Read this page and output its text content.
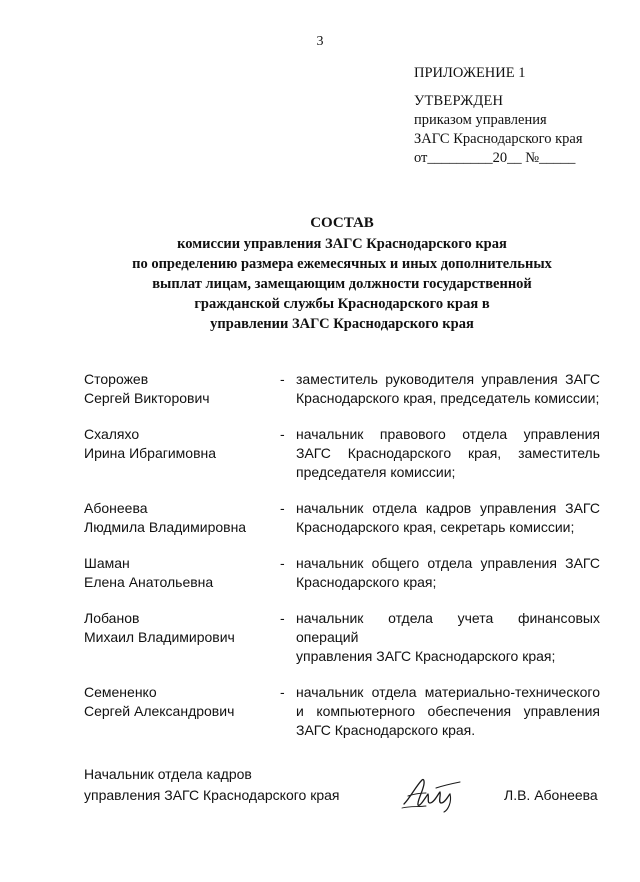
3
ПРИЛОЖЕНИЕ 1
УТВЕРЖДЕН
приказом управления
ЗАГС Краснодарского края
от_________20__ №_____
СОСТАВ
комиссии управления ЗАГС Краснодарского края
по определению размера ежемесячных и иных дополнительных
выплат лицам, замещающим должности государственной
гражданской службы Краснодарского края в
управлении ЗАГС Краснодарского края
Сторожев
Сергей Викторович
- заместитель руководителя управления ЗАГС
Краснодарского края, председатель комиссии;
Схаляхо
Ирина Ибрагимовна
- начальник правового отдела управления
ЗАГС Краснодарского края, заместитель
председателя комиссии;
Абонеева
Людмила Владимировна
- начальник отдела кадров управления ЗАГС
Краснодарского края, секретарь комиссии;
Шаман
Елена Анатольевна
- начальник общего отдела управления ЗАГС
Краснодарского края;
Лобанов
Михаил Владимирович
- начальник отдела учета финансовых операций
управления ЗАГС Краснодарского края;
Семененко
Сергей Александрович
- начальник отдела материально-технического
и компьютерного обеспечения управления
ЗАГС Краснодарского края.
Начальник отдела кадров
управления ЗАГС Краснодарского края	Л.В. Абонеева
